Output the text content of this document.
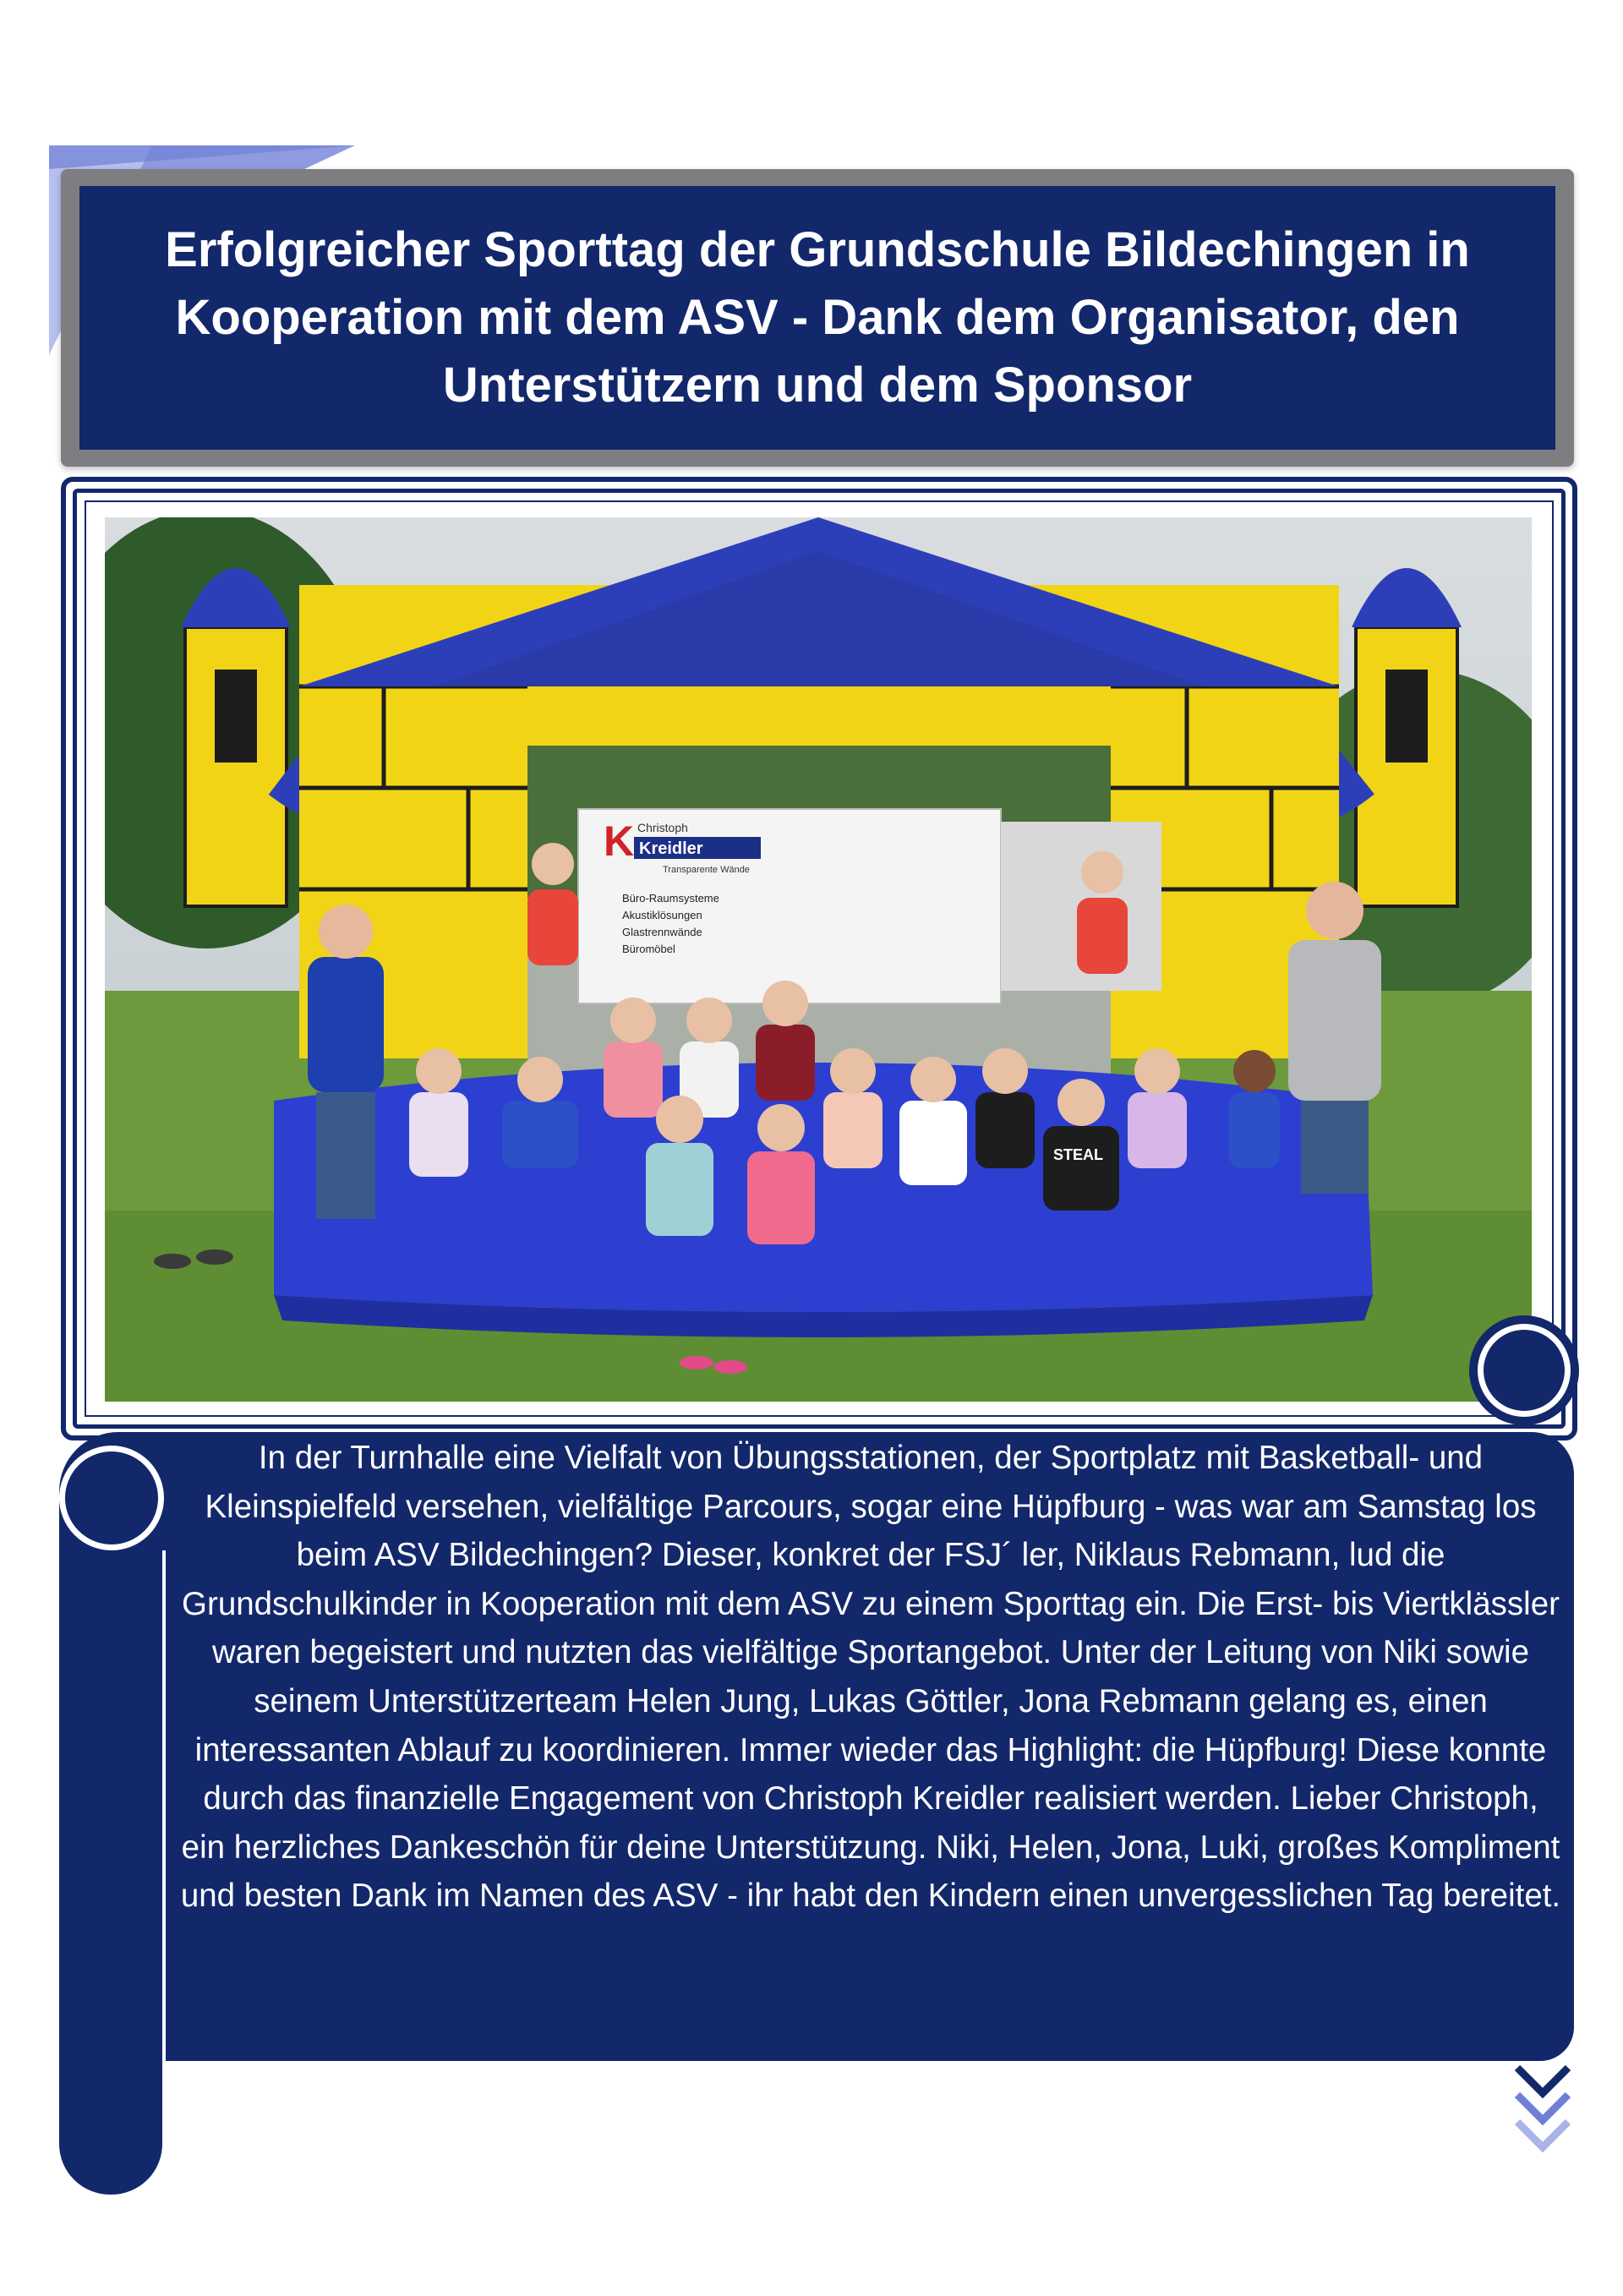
Erfolgreicher Sporttag der Grundschule Bildechingen in Kooperation mit dem ASV - Dank dem Organisator, den Unterstützern und dem Sponsor
K Christoph
Kreidler
Transparente Wände
Büro-Raumsysteme
Akustiklösungen
Glastrennwände
Büromöbel
STEAL

In der Turnhalle eine Vielfalt von Übungsstationen, der Sportplatz mit Basketball- und Kleinspielfeld versehen, vielfältige Parcours, sogar eine Hüpfburg - was war am Samstag los beim ASV Bildechingen? Dieser, konkret der FSJ´ ler, Niklaus Rebmann, lud die Grundschulkinder in Kooperation mit dem ASV zu einem Sporttag ein. Die Erst- bis Viertklässler waren begeistert und nutzten das vielfältige Sportangebot. Unter der Leitung von Niki sowie seinem Unterstützerteam Helen Jung, Lukas Göttler, Jona Rebmann gelang es, einen interessanten Ablauf zu koordinieren. Immer wieder das Highlight: die Hüpfburg! Diese konnte durch das finanzielle Engagement von Christoph Kreidler realisiert werden. Lieber Christoph, ein herzliches Dankeschön für deine Unterstützung. Niki, Helen, Jona, Luki, großes Kompliment und besten Dank im Namen des ASV - ihr habt den Kindern einen unvergesslichen Tag bereitet.
